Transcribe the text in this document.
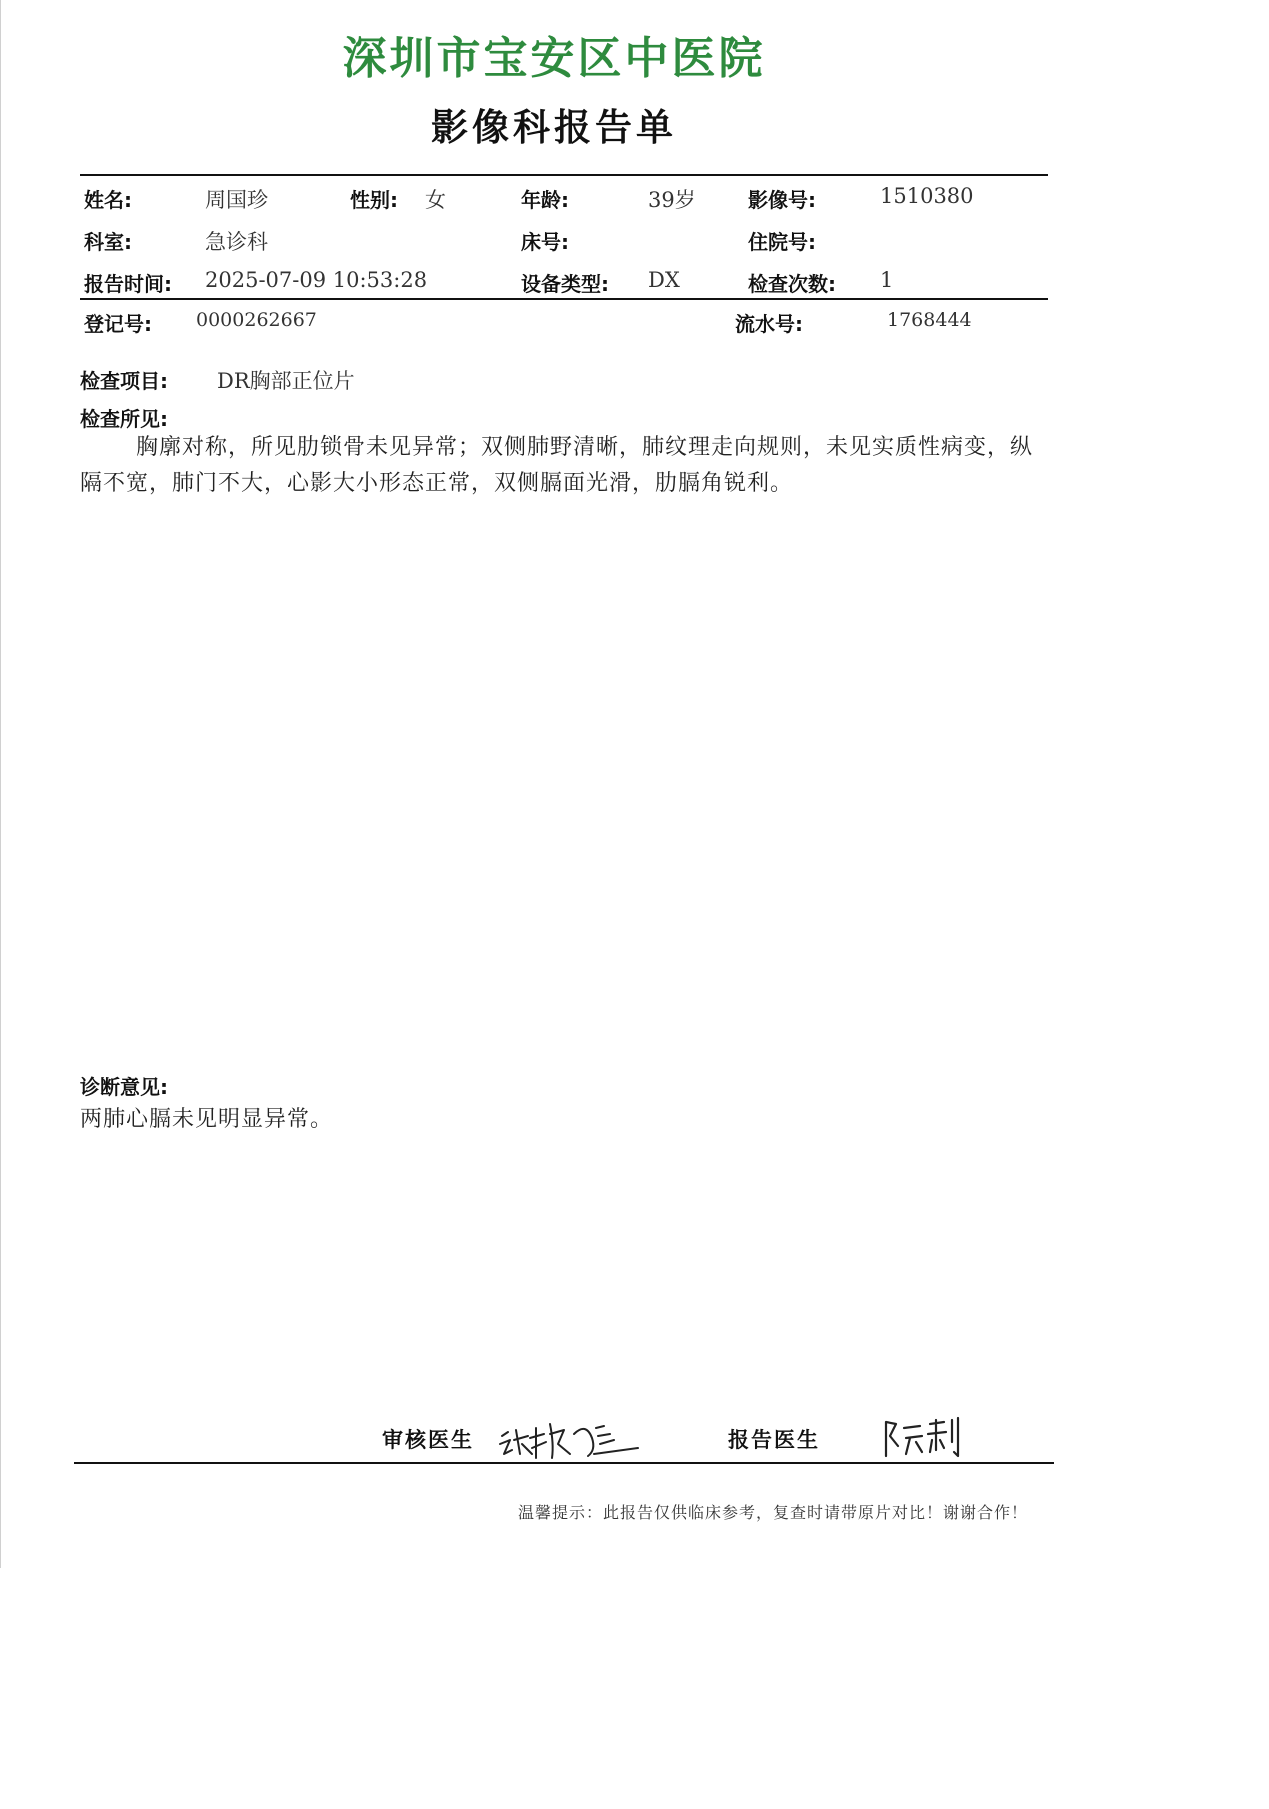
深圳市宝安区中医院
影像科报告单
姓名:	周国珍	性别: 女	年龄:	39岁	影像号:	1510380
科室:	急诊科	床号:	住院号:
报告时间: 2025-07-09 10:53:28	设备类型: DX	检查次数: 1
登记号: 0000262667	流水号:	1768444
检查项目: DR胸部正位片
检查所见:

胸廓对称，所见肋锁骨未见异常；双侧肺野清晰，肺纹理走向规则，未见实质性病变，纵隔不宽，肺门不大，心影大小形态正常，双侧膈面光滑，肋膈角锐利。

诊断意见:
两肺心膈未见明显异常。
审核医生	报告医生
温馨提示：此报告仅供临床参考，复查时请带原片对比！谢谢合作！
